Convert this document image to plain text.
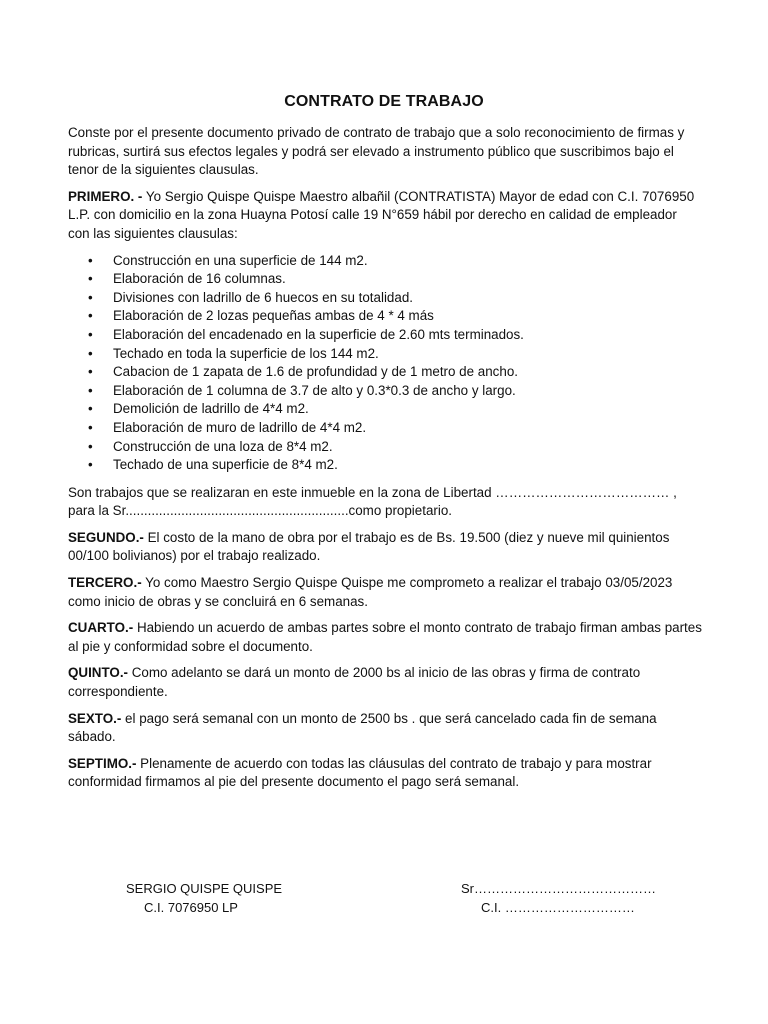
CONTRATO DE TRABAJO

Conste por el presente documento privado de contrato de trabajo que a solo reconocimiento de firmas y rubricas, surtirá sus efectos legales y podrá ser elevado a instrumento público que suscribimos bajo el tenor de la siguientes clausulas.

PRIMERO. - Yo Sergio Quispe Quispe Maestro albañil (CONTRATISTA) Mayor de edad con C.I. 7076950 L.P. con domicilio en la zona Huayna Potosí calle 19 N°659 hábil por derecho en calidad de empleador con las siguientes clausulas:

• Construcción en una superficie de 144 m2.
• Elaboración de 16 columnas.
• Divisiones con ladrillo de 6 huecos en su totalidad.
• Elaboración de 2 lozas pequeñas ambas de 4 * 4 más
• Elaboración del encadenado en la superficie de 2.60 mts terminados.
• Techado en toda la superficie de los 144 m2.
• Cabacion de 1 zapata de 1.6 de profundidad y de 1 metro de ancho.
• Elaboración de 1 columna de 3.7 de alto y 0.3*0.3 de ancho y largo.
• Demolición de ladrillo de 4*4 m2.
• Elaboración de muro de ladrillo de 4*4 m2.
• Construcción de una loza de 8*4 m2.
• Techado de una superficie de 8*4 m2.

Son trabajos que se realizaran en este inmueble en la zona de Libertad ………………………………… , para la Sr............................................................como propietario.

SEGUNDO.- El costo de la mano de obra por el trabajo es de Bs. 19.500 (diez y nueve mil quinientos 00/100 bolivianos) por el trabajo realizado.

TERCERO.- Yo como Maestro Sergio Quispe Quispe me comprometo a realizar el trabajo 03/05/2023 como inicio de obras y se concluirá en 6 semanas.

CUARTO.- Habiendo un acuerdo de ambas partes sobre el monto contrato de trabajo firman ambas partes al pie y conformidad sobre el documento.

QUINTO.- Como adelanto se dará un monto de 2000 bs al inicio de las obras y firma de contrato correspondiente.

SEXTO.- el pago será semanal con un monto de 2500 bs . que será cancelado cada fin de semana sábado.

SEPTIMO.- Plenamente de acuerdo con todas las cláusulas del contrato de trabajo y para mostrar conformidad firmamos al pie del presente documento el pago será semanal.

SERGIO QUISPE QUISPE
C.I. 7076950 LP
Sr……………………………………
C.I. …………………………
